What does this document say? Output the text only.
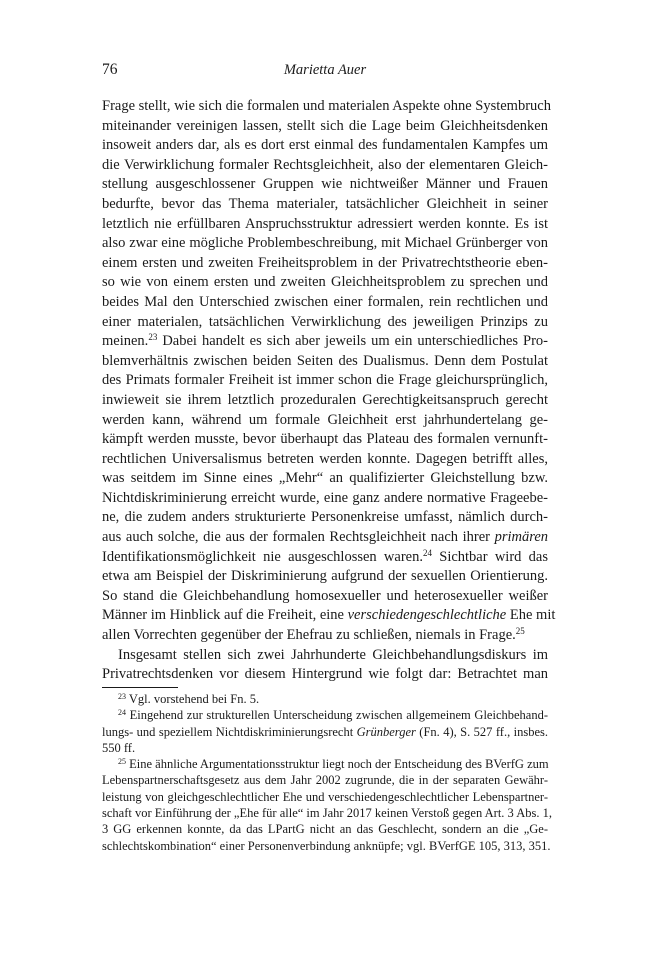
76	Marietta Auer
Frage stellt, wie sich die formalen und materialen Aspekte ohne Systembruch
miteinander vereinigen lassen, stellt sich die Lage beim Gleichheitsdenken
insoweit anders dar, als es dort erst einmal des fundamentalen Kampfes um
die Verwirklichung formaler Rechtsgleichheit, also der elementaren Gleich-
stellung ausgeschlossener Gruppen wie nichtweißer Männer und Frauen
bedurfte, bevor das Thema materialer, tatsächlicher Gleichheit in seiner
letztlich nie erfüllbaren Anspruchsstruktur adressiert werden konnte. Es ist
also zwar eine mögliche Problembeschreibung, mit Michael Grünberger von
einem ersten und zweiten Freiheitsproblem in der Privatrechtstheorie eben-
so wie von einem ersten und zweiten Gleichheitsproblem zu sprechen und
beides Mal den Unterschied zwischen einer formalen, rein rechtlichen und
einer materialen, tatsächlichen Verwirklichung des jeweiligen Prinzips zu
meinen.$^{23}$ Dabei handelt es sich aber jeweils um ein unterschiedliches Pro-
blemverhältnis zwischen beiden Seiten des Dualismus. Denn dem Postulat
des Primats formaler Freiheit ist immer schon die Frage gleichursprünglich,
inwieweit sie ihrem letztlich prozeduralen Gerechtigkeitsanspruch gerecht
werden kann, während um formale Gleichheit erst jahrhundertelang ge-
kämpft werden musste, bevor überhaupt das Plateau des formalen vernunft-
rechtlichen Universalismus betreten werden konnte. Dagegen betrifft alles,
was seitdem im Sinne eines „Mehr“ an qualifizierter Gleichstellung bzw.
Nichtdiskriminierung erreicht wurde, eine ganz andere normative Frageebe-
ne, die zudem anders strukturierte Personenkreise umfasst, nämlich durch-
aus auch solche, die aus der formalen Rechtsgleichheit nach ihrer primären
Identifikationsmöglichkeit nie ausgeschlossen waren.$^{24}$ Sichtbar wird das
etwa am Beispiel der Diskriminierung aufgrund der sexuellen Orientierung.
So stand die Gleichbehandlung homosexueller und heterosexueller weißer
Männer im Hinblick auf die Freiheit, eine verschiedengeschlechtliche Ehe mit
allen Vorrechten gegenüber der Ehefrau zu schließen, niemals in Frage.$^{25}$
Insgesamt stellen sich zwei Jahrhunderte Gleichbehandlungsdiskurs im
Privatrechtsdenken vor diesem Hintergrund wie folgt dar: Betrachtet man
$^{23}$ Vgl. vorstehend bei Fn. 5.
$^{24}$ Eingehend zur strukturellen Unterscheidung zwischen allgemeinem Gleichbehand-
lungs- und speziellem Nichtdiskriminierungsrecht Grünberger (Fn. 4), S. 527 ff., insbes.
550 ff.
$^{25}$ Eine ähnliche Argumentationsstruktur liegt noch der Entscheidung des BVerfG zum
Lebenspartnerschaftsgesetz aus dem Jahr 2002 zugrunde, die in der separaten Gewähr-
leistung von gleichgeschlechtlicher Ehe und verschiedengeschlechtlicher Lebenspartner-
schaft vor Einführung der „Ehe für alle“ im Jahr 2017 keinen Verstoß gegen Art. 3 Abs. 1,
3 GG erkennen konnte, da das LPartG nicht an das Geschlecht, sondern an die „Ge-
schlechtskombination“ einer Personenverbindung anknüpfe; vgl. BVerfGE 105, 313, 351.
